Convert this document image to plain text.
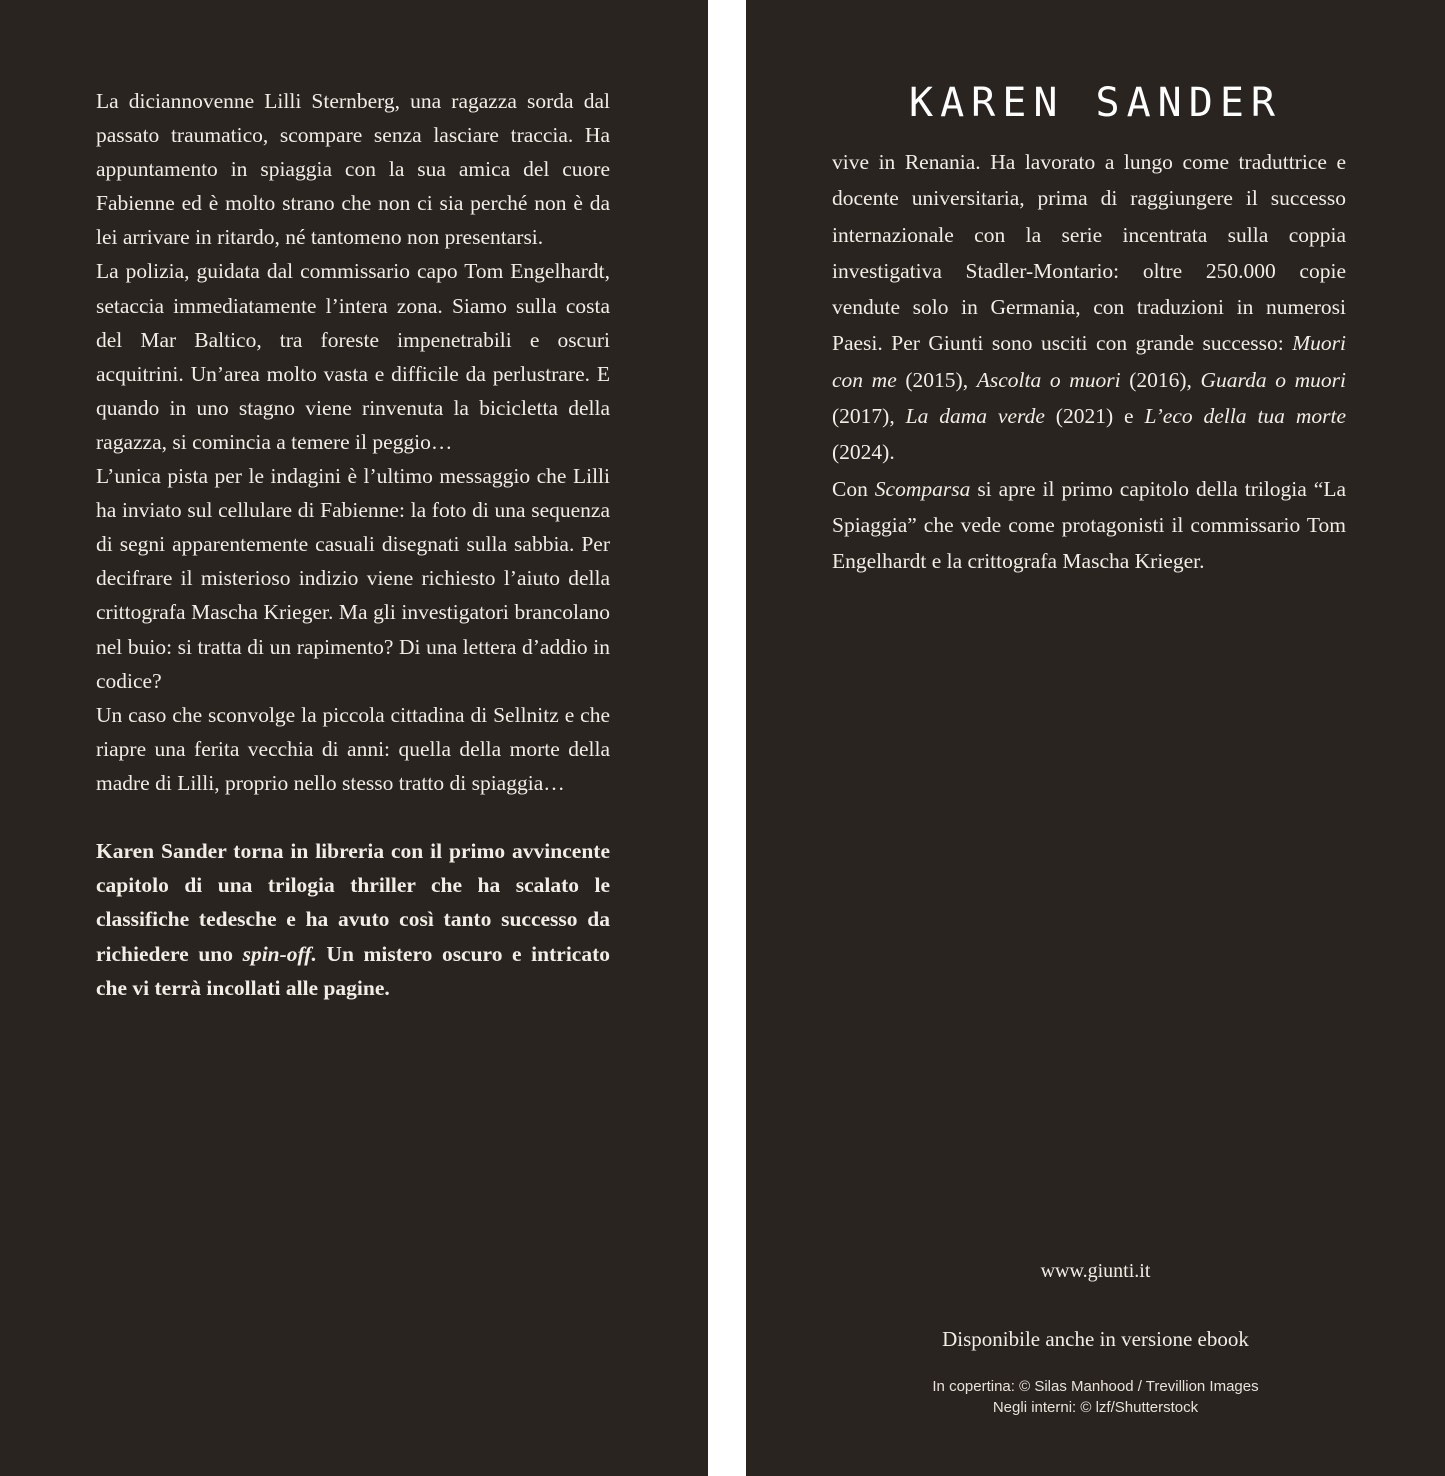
La diciannovenne Lilli Sternberg, una ragazza sorda dal passato traumatico, scompare senza lasciare traccia. Ha appuntamento in spiaggia con la sua amica del cuore Fabienne ed è molto strano che non ci sia perché non è da lei arrivare in ritardo, né tantomeno non presentarsi.

La polizia, guidata dal commissario capo Tom Engelhardt, setaccia immediatamente l’intera zona. Siamo sulla costa del Mar Baltico, tra foreste impenetrabili e oscuri acquitrini. Un’area molto vasta e difficile da perlustrare. E quando in uno stagno viene rinvenuta la bicicletta della ragazza, si comincia a temere il peggio…

L’unica pista per le indagini è l’ultimo messaggio che Lilli ha inviato sul cellulare di Fabienne: la foto di una sequenza di segni apparentemente casuali disegnati sulla sabbia. Per decifrare il misterioso indizio viene richiesto l’aiuto della crittografa Mascha Krieger. Ma gli investigatori brancolano nel buio: si tratta di un rapimento? Di una lettera d’addio in codice?

Un caso che sconvolge la piccola cittadina di Sellnitz e che riapre una ferita vecchia di anni: quella della morte della madre di Lilli, proprio nello stesso tratto di spiaggia…

Karen Sander torna in libreria con il primo avvincente capitolo di una trilogia thriller che ha scalato le classifiche tedesche e ha avuto così tanto successo da richiedere uno spin-off. Un mistero oscuro e intricato che vi terrà incollati alle pagine.

vive in Renania. Ha lavorato a lungo come traduttrice e docente universitaria, prima di raggiungere il successo internazionale con la serie incentrata sulla coppia investigativa Stadler-Montario: oltre 250.000 copie vendute solo in Germania, con traduzioni in numerosi Paesi. Per Giunti sono usciti con grande successo: Muori con me (2015), Ascolta o muori (2016), Guarda o muori (2017), La dama verde (2021) e L’eco della tua morte (2024).

Con Scomparsa si apre il primo capitolo della trilogia “La Spiaggia” che vede come protagonisti il commissario Tom Engelhardt e la crittografa Mascha Krieger.

www.giunti.it
Disponibile anche in versione ebook
In copertina: © Silas Manhood / Trevillion Images
Negli interni: © lzf/Shutterstock
KAREN SANDER
